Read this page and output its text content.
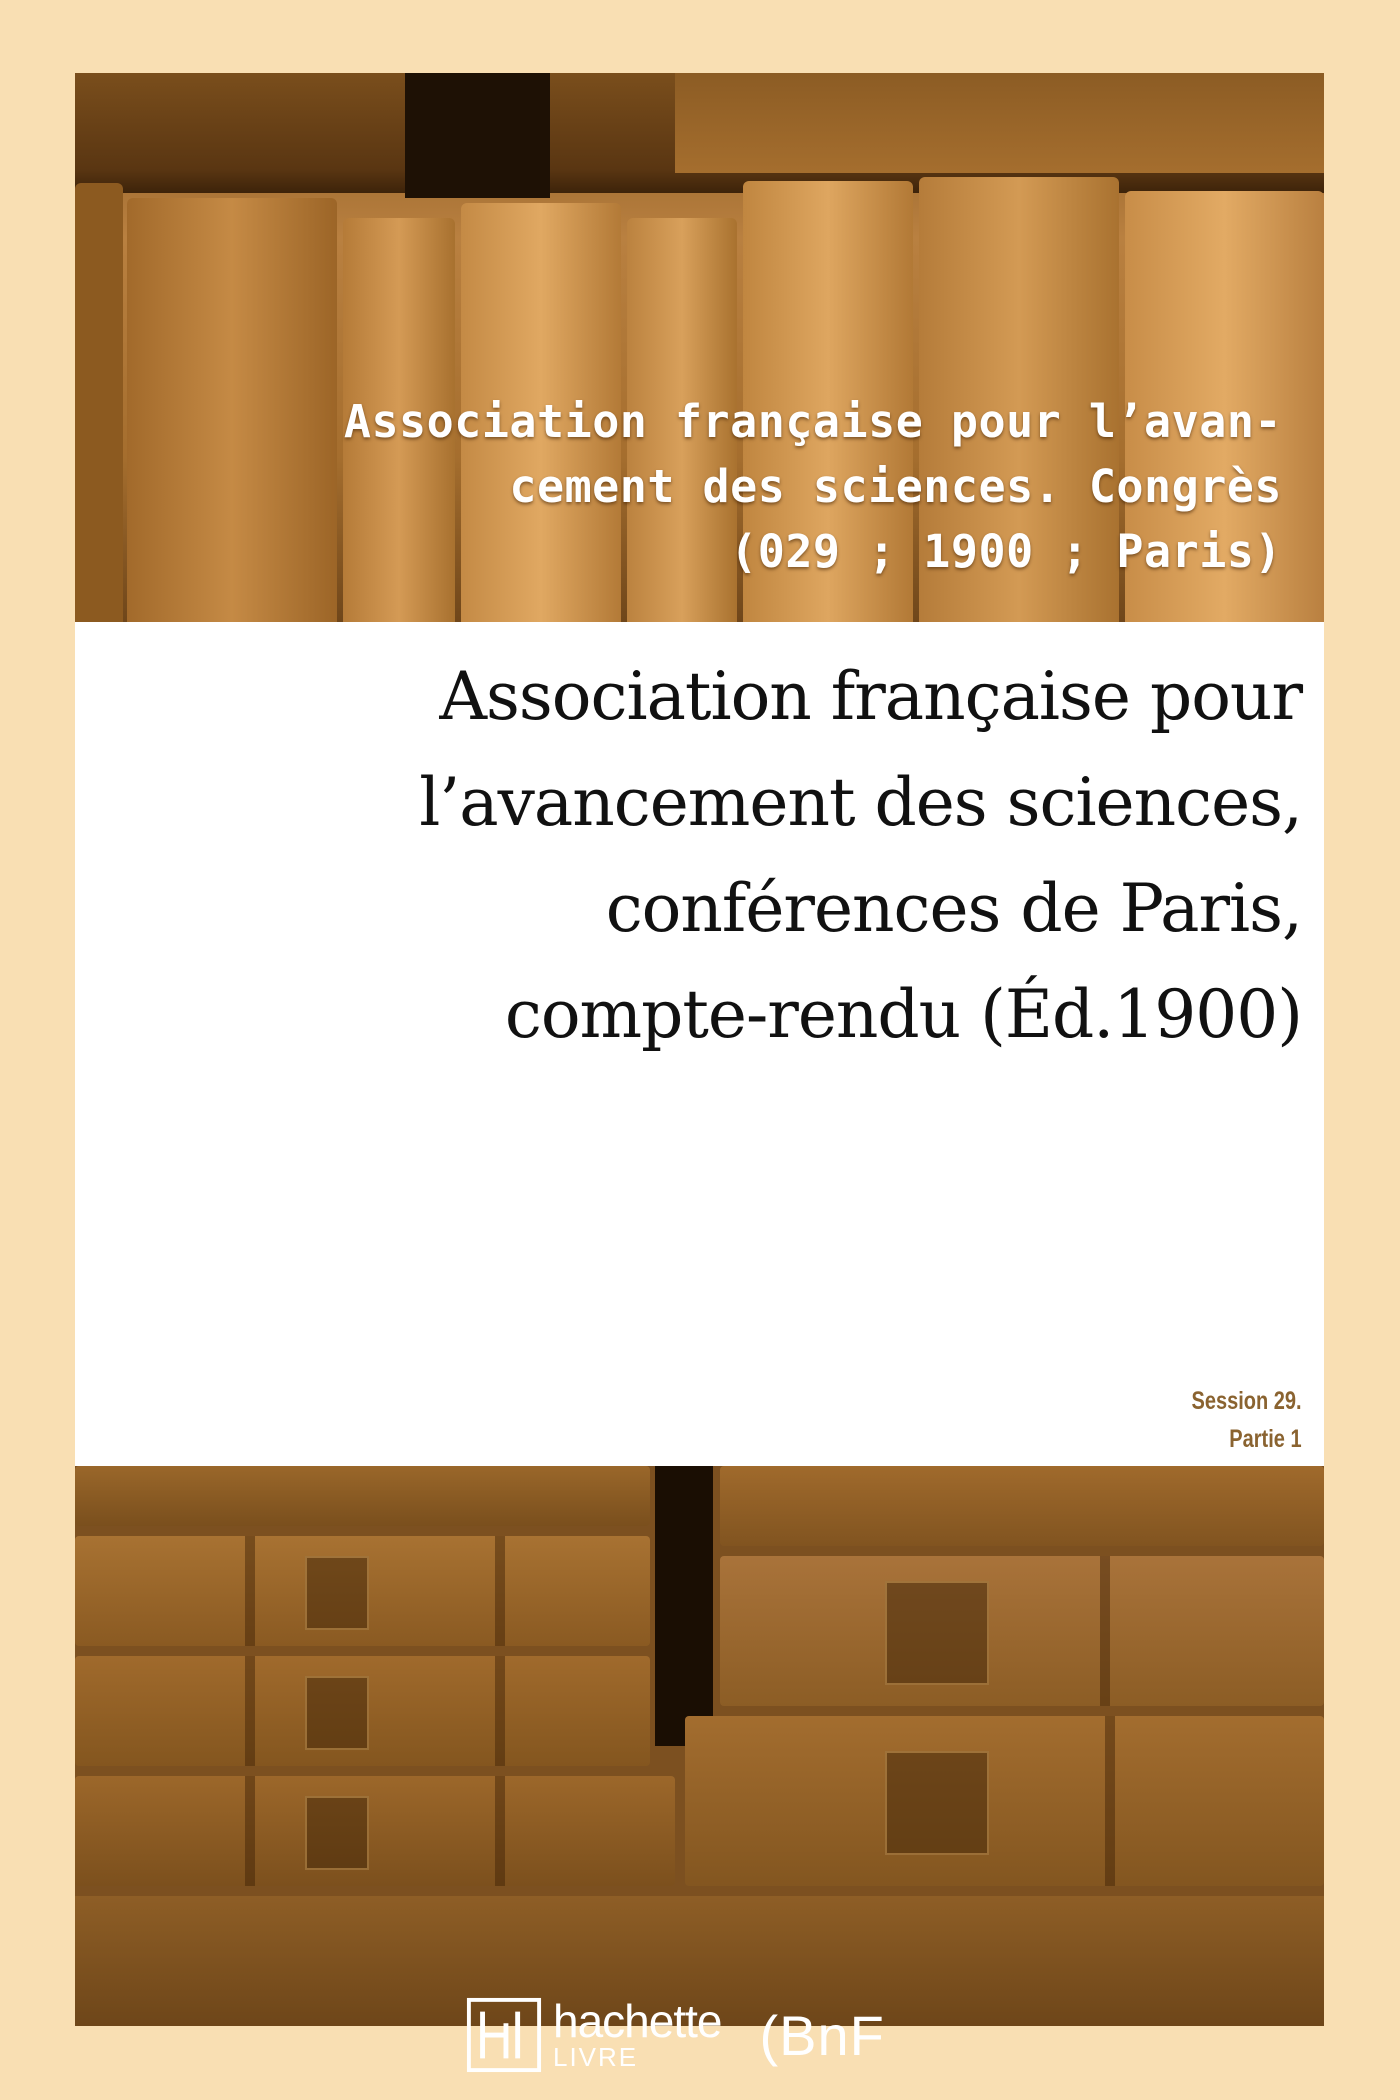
Association française pour l’avan-
cement des sciences. Congrès
(029 ; 1900 ; Paris)
Association française pour
l’avancement des sciences,
conférences de Paris,
compte-rendu (Éd.1900)
Session 29.
Partie 1
hachette
LIVRE	(BnF
